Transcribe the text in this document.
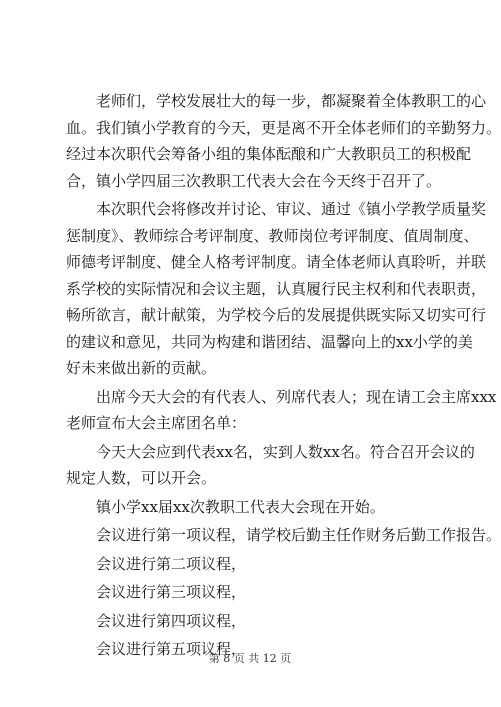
　　老师们，学校发展壮大的每一步，都凝聚着全体教职工的心
血。我们镇小学教育的今天，更是离不开全体老师们的辛勤努力。
经过本次职代会筹备小组的集体酝酿和广大教职员工的积极配
合，镇小学四届三次教职工代表大会在今天终于召开了。

　　本次职代会将修改并讨论、审议、通过《镇小学教学质量奖
惩制度》、教师综合考评制度、教师岗位考评制度、值周制度、
师德考评制度、健全人格考评制度。请全体老师认真聆听，并联
系学校的实际情况和会议主题，认真履行民主权利和代表职责，
畅所欲言，献计献策，为学校今后的发展提供既实际又切实可行
的建议和意见，共同为构建和谐团结、温馨向上的xx小学的美
好未来做出新的贡献。

　　出席今天大会的有代表人、列席代表人；现在请工会主席xxx
老师宣布大会主席团名单：

　　今天大会应到代表xx名，实到人数xx名。符合召开会议的
规定人数，可以开会。

　　镇小学xx届xx次教职工代表大会现在开始。

　　会议进行第一项议程，请学校后勤主任作财务后勤工作报告。

　　会议进行第二项议程，

　　会议进行第三项议程，

　　会议进行第四项议程，

　　会议进行第五项议程，

第 8 页 共 12 页
